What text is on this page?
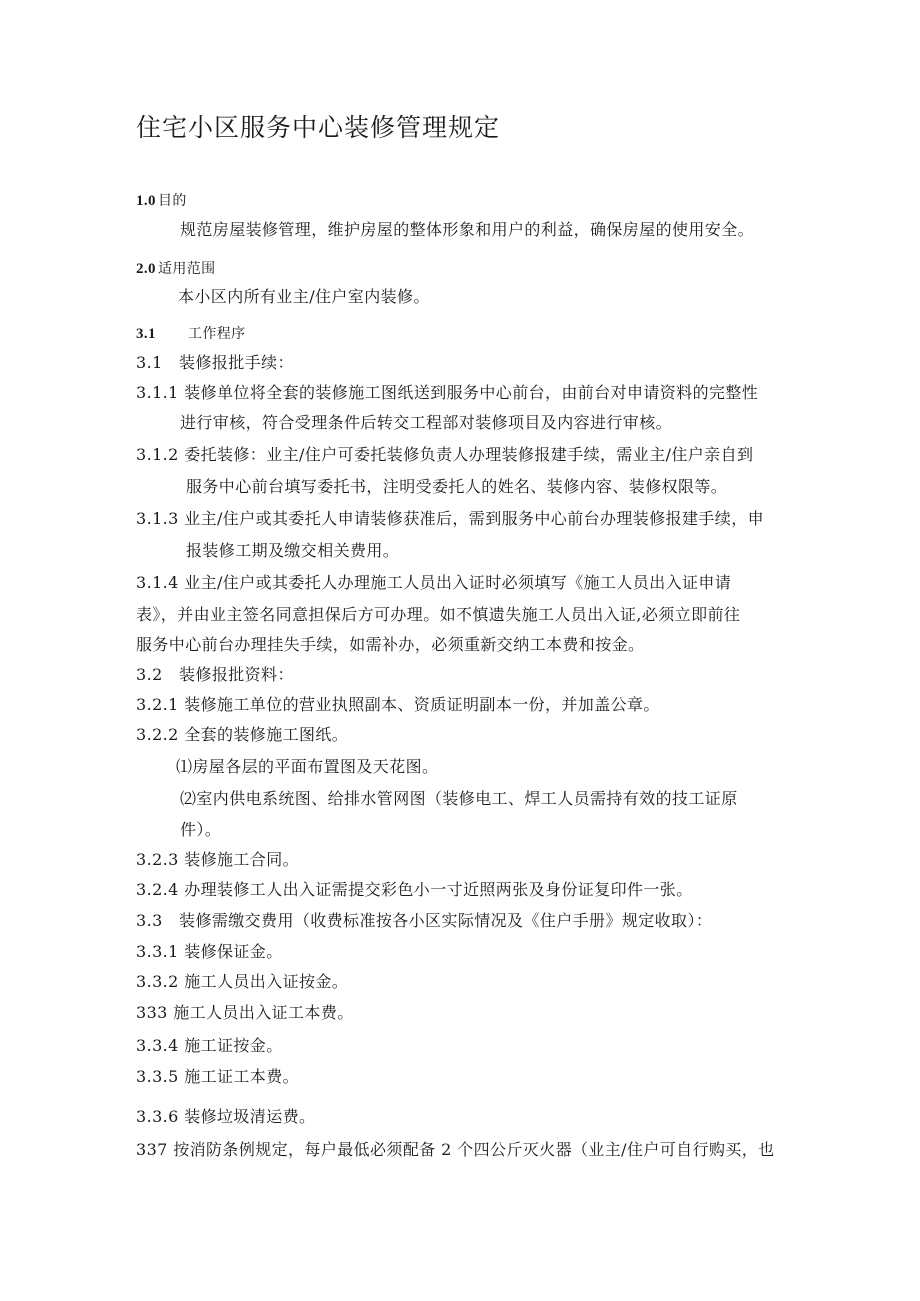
住宅小区服务中心装修管理规定
1.0 目的
规范房屋装修管理，维护房屋的整体形象和用户的利益，确保房屋的使用安全。
2.0 适用范围
本小区内所有业主/住户室内装修。
3.1 工作程序
3.1　装修报批手续：
3.1.1 装修单位将全套的装修施工图纸送到服务中心前台，由前台对申请资料的完整性
进行审核，符合受理条件后转交工程部对装修项目及内容进行审核。
3.1.2 委托装修：业主/住户可委托装修负责人办理装修报建手续，需业主/住户亲自到
服务中心前台填写委托书，注明受委托人的姓名、装修内容、装修权限等。
3.1.3 业主/住户或其委托人申请装修获准后，需到服务中心前台办理装修报建手续，申
报装修工期及缴交相关费用。
3.1.4 业主/住户或其委托人办理施工人员出入证时必须填写《施工人员出入证申请
表》，并由业主签名同意担保后方可办理。如不慎遗失施工人员出入证,必须立即前往
服务中心前台办理挂失手续，如需补办，必须重新交纳工本费和按金。
3.2　装修报批资料：
3.2.1 装修施工单位的营业执照副本、资质证明副本一份，并加盖公章。
3.2.2 全套的装修施工图纸。
⑴房屋各层的平面布置图及天花图。
⑵室内供电系统图、给排水管网图（装修电工、焊工人员需持有效的技工证原
件）。
3.2.3 装修施工合同。
3.2.4 办理装修工人出入证需提交彩色小一寸近照两张及身份证复印件一张。
3.3　装修需缴交费用（收费标准按各小区实际情况及《住户手册》规定收取）：
3.3.1 装修保证金。
3.3.2 施工人员出入证按金。
333 施工人员出入证工本费。
3.3.4 施工证按金。
3.3.5 施工证工本费。
3.3.6 装修垃圾清运费。
337 按消防条例规定，每户最低必须配备 2 个四公斤灭火器（业主/住户可自行购买，也
